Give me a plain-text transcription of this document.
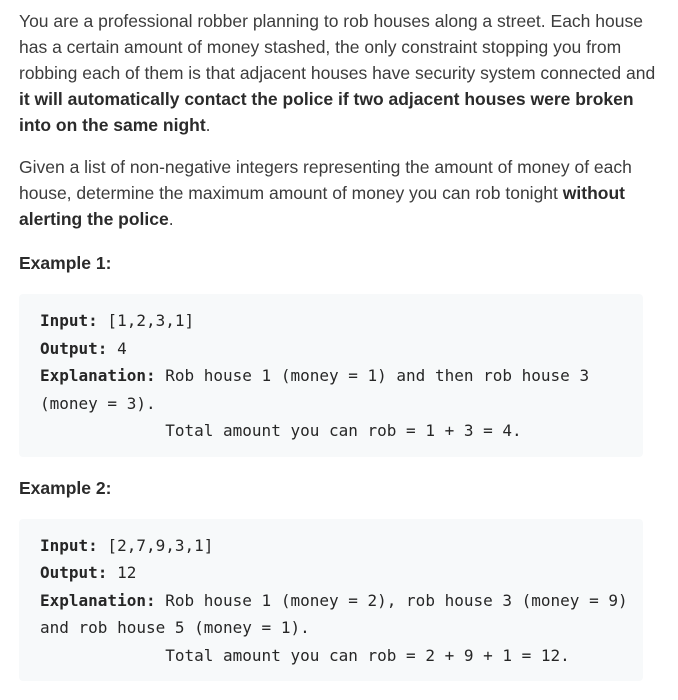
You are a professional robber planning to rob houses along a street. Each house has a certain amount of money stashed, the only constraint stopping you from robbing each of them is that adjacent houses have security system connected and it will automatically contact the police if two adjacent houses were broken into on the same night.

Given a list of non-negative integers representing the amount of money of each house, determine the maximum amount of money you can rob tonight without alerting the police.

Example 1:
Input: [1,2,3,1]
Output: 4
Explanation: Rob house 1 (money = 1) and then rob house 3
(money = 3).
Total amount you can rob = 1 + 3 = 4.
Example 2:
Input: [2,7,9,3,1]
Output: 12
Explanation: Rob house 1 (money = 2), rob house 3 (money = 9)
and rob house 5 (money = 1).
Total amount you can rob = 2 + 9 + 1 = 12.
